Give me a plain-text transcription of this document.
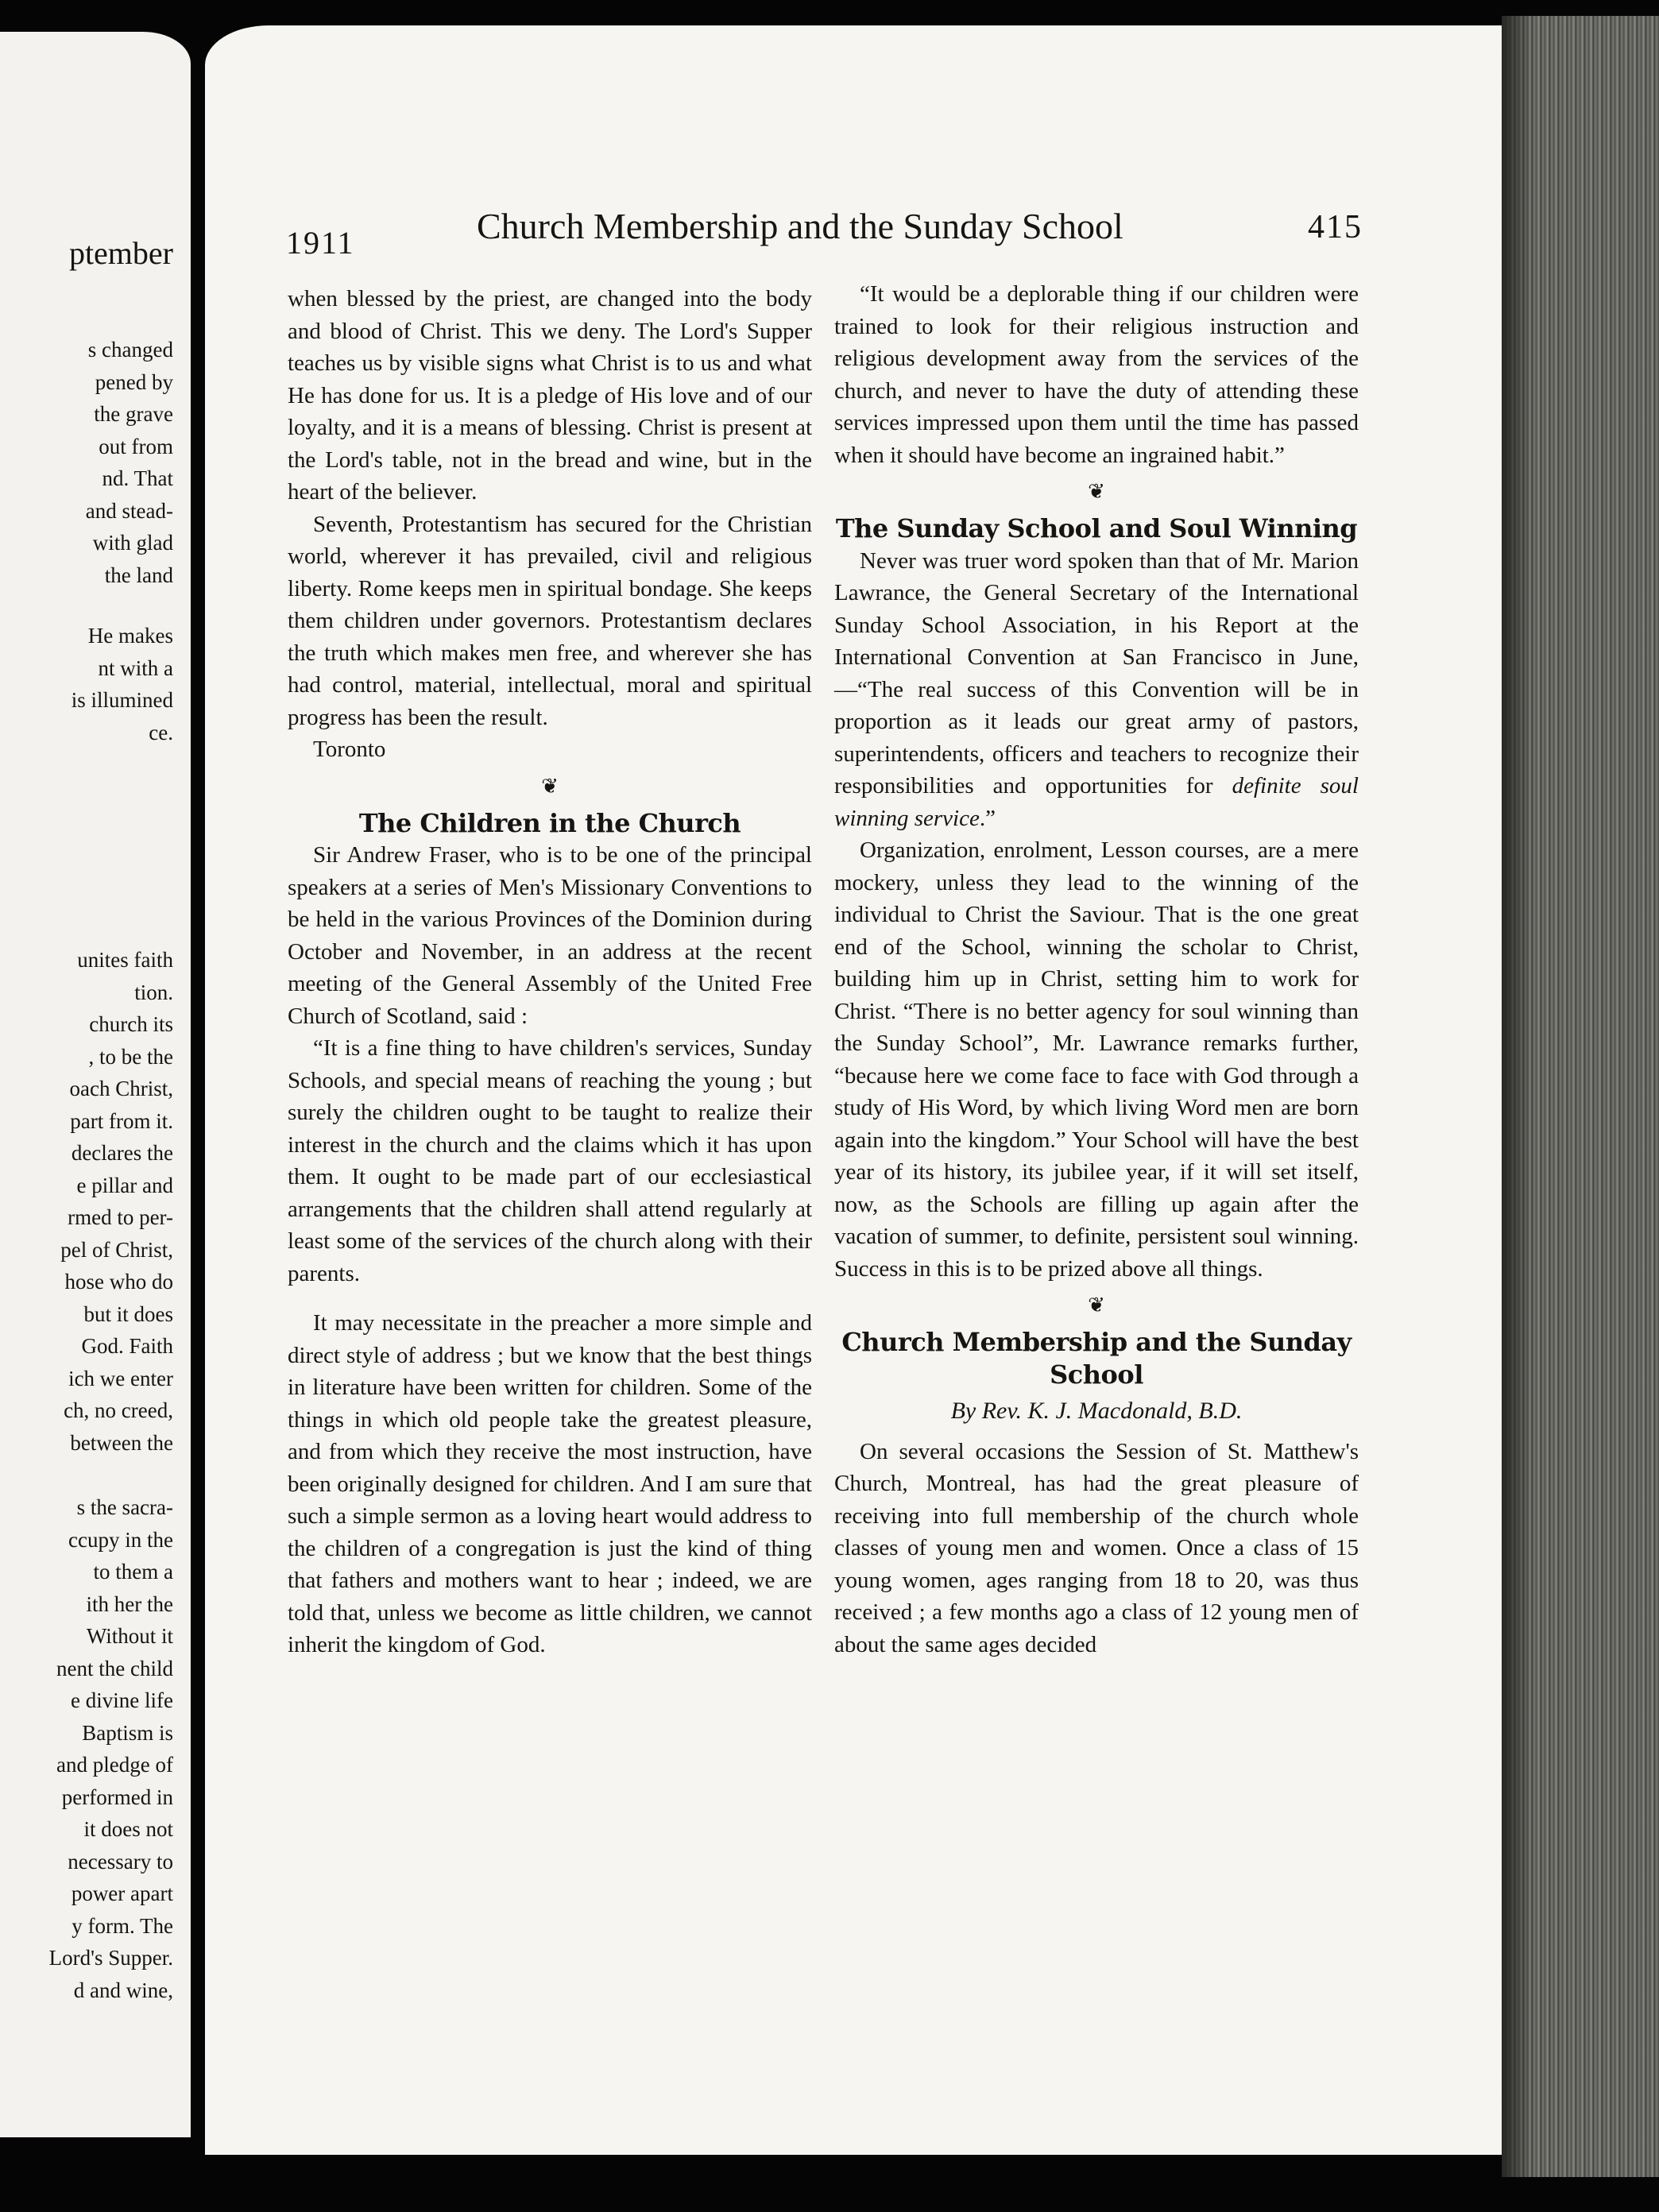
ptember
s changed
pened by
the grave
out from
nd. That
and stead-
with glad
the land
He makes
nt with a
is illumined
ce.
unites faith
tion.
church its
, to be the
oach Christ,
part from it.
declares the
e pillar and
rmed to per-
pel of Christ,
hose who do
but it does
God. Faith
ich we enter
ch, no creed,
between the
s the sacra-
ccupy in the
to them a
ith her the
Without it
nent the child
e divine life
Baptism is
and pledge of
performed in
it does not
necessary to
power apart
y form. The
Lord's Supper.
d and wine,
1911	Church Membership and the Sunday School	415

when blessed by the priest, are changed into the body and blood of Christ. This we deny. The Lord's Supper teaches us by visible signs what Christ is to us and what He has done for us. It is a pledge of His love and of our loyalty, and it is a means of blessing. Christ is present at the Lord's table, not in the bread and wine, but in the heart of the believer.

Seventh, Protestantism has secured for the Christian world, wherever it has prevailed, civil and religious liberty. Rome keeps men in spiritual bondage. She keeps them children under governors. Protestantism declares the truth which makes men free, and wherever she has had control, material, intellectual, moral and spiritual progress has been the result.

Toronto

❦
The Children in the Church

Sir Andrew Fraser, who is to be one of the principal speakers at a series of Men's Missionary Conventions to be held in the various Provinces of the Dominion during October and November, in an address at the recent meeting of the General Assembly of the United Free Church of Scotland, said :

“It is a fine thing to have children's services, Sunday Schools, and special means of reaching the young ; but surely the children ought to be taught to realize their interest in the church and the claims which it has upon them. It ought to be made part of our ecclesiastical arrangements that the children shall attend regularly at least some of the services of the church along with their parents.

It may necessitate in the preacher a more simple and direct style of address ; but we know that the best things in literature have been written for children. Some of the things in which old people take the greatest pleasure, and from which they receive the most instruction, have been originally designed for children. And I am sure that such a simple sermon as a loving heart would address to the children of a congregation is just the kind of thing that fathers and mothers want to hear ; indeed, we are told that, unless we become as little children, we cannot inherit the kingdom of God.

“It would be a deplorable thing if our children were trained to look for their religious instruction and religious development away from the services of the church, and never to have the duty of attending these services impressed upon them until the time has passed when it should have become an ingrained habit.”

❦
The Sunday School and Soul Winning

Never was truer word spoken than that of Mr. Marion Lawrance, the General Secretary of the International Sunday School Association, in his Report at the International Convention at San Francisco in June,—“The real success of this Convention will be in proportion as it leads our great army of pastors, superintendents, officers and teachers to recognize their responsibilities and opportunities for definite soul winning service.”

Organization, enrolment, Lesson courses, are a mere mockery, unless they lead to the winning of the individual to Christ the Saviour. That is the one great end of the School, winning the scholar to Christ, building him up in Christ, setting him to work for Christ. “There is no better agency for soul winning than the Sunday School”, Mr. Lawrance remarks further, “because here we come face to face with God through a study of His Word, by which living Word men are born again into the kingdom.” Your School will have the best year of its history, its jubilee year, if it will set itself, now, as the Schools are filling up again after the vacation of summer, to definite, persistent soul winning. Success in this is to be prized above all things.

❦
Church Membership and the Sunday School
By Rev. K. J. Macdonald, B.D.

On several occasions the Session of St. Matthew's Church, Montreal, has had the great pleasure of receiving into full membership of the church whole classes of young men and women. Once a class of 15 young women, ages ranging from 18 to 20, was thus received ; a few months ago a class of 12 young men of about the same ages decided
